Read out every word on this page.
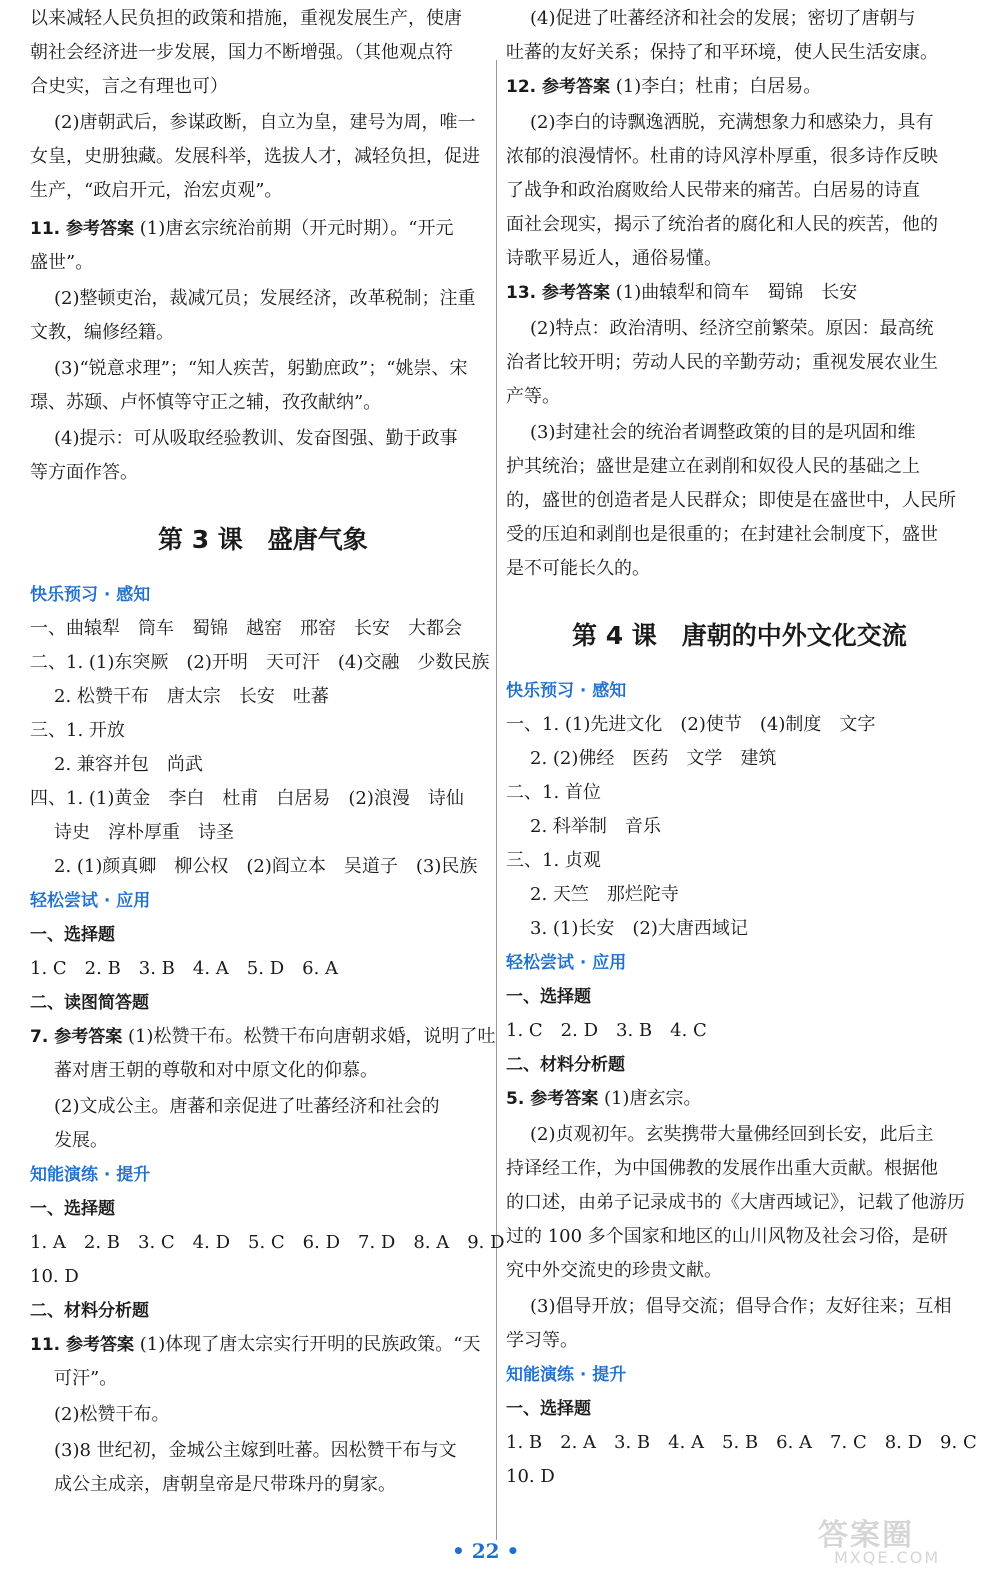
以来减轻人民负担的政策和措施，重视发展生产，使唐
朝社会经济进一步发展，国力不断增强。（其他观点符
合史实，言之有理也可）
(2)唐朝武后，参谋政断，自立为皇，建号为周，唯一
女皇，史册独藏。发展科举，选拔人才，减轻负担，促进
生产，“政启开元，治宏贞观”。
11. 参考答案 (1)唐玄宗统治前期（开元时期）。“开元
盛世”。
(2)整顿吏治，裁减冗员；发展经济，改革税制；注重
文教，编修经籍。
(3)“锐意求理”；“知人疾苦，躬勤庶政”；“姚崇、宋
璟、苏颋、卢怀慎等守正之辅，孜孜献纳”。
(4)提示：可从吸取经验教训、发奋图强、勤于政事
等方面作答。
第 3 课　盛唐气象
快乐预习 · 感知
一、曲辕犁　筒车　蜀锦　越窑　邢窑　长安　大都会
二、1. (1)东突厥　(2)开明　天可汗　(4)交融　少数民族
2. 松赞干布　唐太宗　长安　吐蕃
三、1. 开放
2. 兼容并包　尚武
四、1. (1)黄金　李白　杜甫　白居易　(2)浪漫　诗仙
诗史　淳朴厚重　诗圣
2. (1)颜真卿　柳公权　(2)阎立本　吴道子　(3)民族
轻松尝试 · 应用
一、选择题
1. C　2. B　3. B　4. A　5. D　6. A
二、读图简答题
7. 参考答案 (1)松赞干布。松赞干布向唐朝求婚，说明了吐
蕃对唐王朝的尊敬和对中原文化的仰慕。
(2)文成公主。唐蕃和亲促进了吐蕃经济和社会的
发展。
知能演练 · 提升
一、选择题
1. A　2. B　3. C　4. D　5. C　6. D　7. D　8. A　9. D
10. D
二、材料分析题
11. 参考答案 (1)体现了唐太宗实行开明的民族政策。“天
可汗”。
(2)松赞干布。
(3)8 世纪初，金城公主嫁到吐蕃。因松赞干布与文
成公主成亲，唐朝皇帝是尺带珠丹的舅家。
(4)促进了吐蕃经济和社会的发展；密切了唐朝与
吐蕃的友好关系；保持了和平环境，使人民生活安康。
12. 参考答案 (1)李白；杜甫；白居易。
(2)李白的诗飘逸洒脱，充满想象力和感染力，具有
浓郁的浪漫情怀。杜甫的诗风淳朴厚重，很多诗作反映
了战争和政治腐败给人民带来的痛苦。白居易的诗直
面社会现实，揭示了统治者的腐化和人民的疾苦，他的
诗歌平易近人，通俗易懂。
13. 参考答案 (1)曲辕犁和筒车　蜀锦　长安
(2)特点：政治清明、经济空前繁荣。原因：最高统
治者比较开明；劳动人民的辛勤劳动；重视发展农业生
产等。
(3)封建社会的统治者调整政策的目的是巩固和维
护其统治；盛世是建立在剥削和奴役人民的基础之上
的，盛世的创造者是人民群众；即使是在盛世中，人民所
受的压迫和剥削也是很重的；在封建社会制度下，盛世
是不可能长久的。
第 4 课　唐朝的中外文化交流
快乐预习 · 感知
一、1. (1)先进文化　(2)使节　(4)制度　文字
2. (2)佛经　医药　文学　建筑
二、1. 首位
2. 科举制　音乐
三、1. 贞观
2. 天竺　那烂陀寺
3. (1)长安　(2)大唐西域记
轻松尝试 · 应用
一、选择题
1. C　2. D　3. B　4. C
二、材料分析题
5. 参考答案 (1)唐玄宗。
(2)贞观初年。玄奘携带大量佛经回到长安，此后主
持译经工作，为中国佛教的发展作出重大贡献。根据他
的口述，由弟子记录成书的《大唐西域记》，记载了他游历
过的 100 多个国家和地区的山川风物及社会习俗，是研
究中外交流史的珍贵文献。
(3)倡导开放；倡导交流；倡导合作；友好往来；互相
学习等。
知能演练 · 提升
一、选择题
1. B　2. A　3. B　4. A　5. B　6. A　7. C　8. D　9. C
10. D
• 22 •	答案圈
MXQE.COM
